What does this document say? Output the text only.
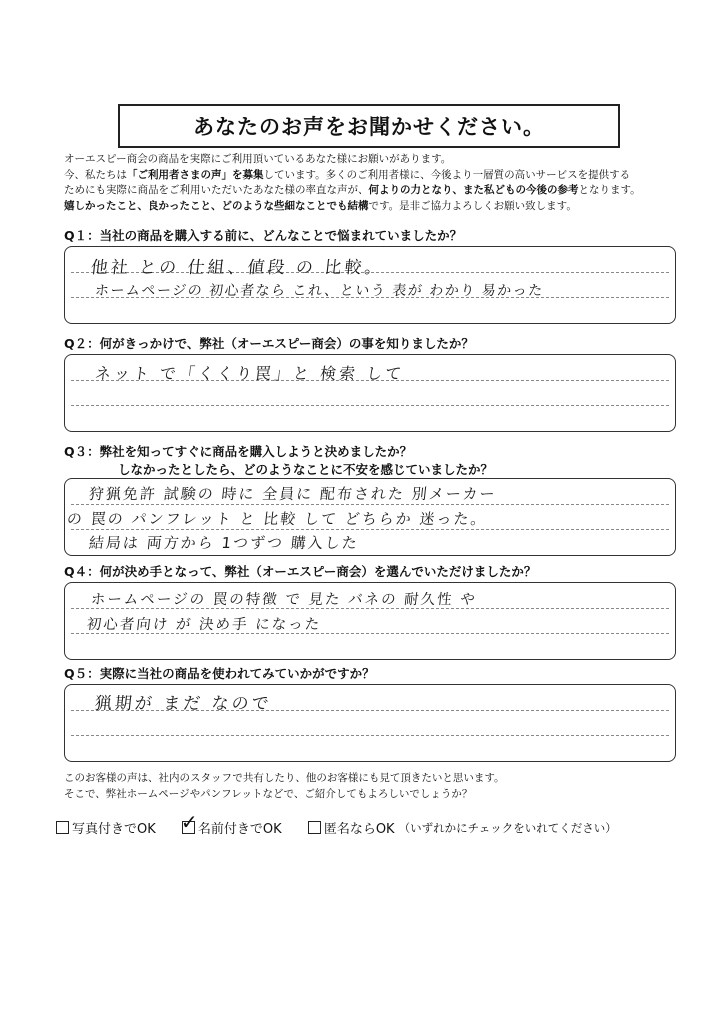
あなたのお声をお聞かせください。
オーエスピー商会の商品を実際にご利用頂いているあなた様にお願いがあります。
今、私たちは「ご利用者さまの声」を募集しています。多くのご利用者様に、今後より一層質の高いサービスを提供する
ためにも実際に商品をご利用いただいたあなた様の率直な声が、何よりの力となり、また私どもの今後の参考となります。
嬉しかったこと、良かったこと、どのような些細なことでも結構です。是非ご協力よろしくお願い致します。
Q１：当社の商品を購入する前に、どんなことで悩まれていましたか？
他社 との 仕組、値段 の 比較。
ホームページの 初心者なら これ、という 表が わかり 易かった
Q２：何がきっかけで、弊社（オーエスピー商会）の事を知りましたか？
ネット で「くくり罠」と 検索 して
Q３：弊社を知ってすぐに商品を購入しようと決めましたか？
しなかったとしたら、どのようなことに不安を感じていましたか？
狩猟免許 試験の 時に 全員に 配布された 別メーカー
の 罠の パンフレット と 比較 して どちらか 迷った。
結局は 両方から 1つずつ 購入した
Q４：何が決め手となって、弊社（オーエスピー商会）を選んでいただけましたか？
ホームページの 罠の特徴 で 見た バネの 耐久性 や
初心者向け が 決め手 になった
Q５：実際に当社の商品を使われてみていかがですか？
猟期が まだ なので
このお客様の声は、社内のスタッフで共有したり、他のお客様にも見て頂きたいと思います。
そこで、弊社ホームページやパンフレットなどで、ご紹介してもよろしいでしょうか？
写真付きでOK
✓ 名前付きでOK
	匿名ならOK （いずれかにチェックをいれてください）
